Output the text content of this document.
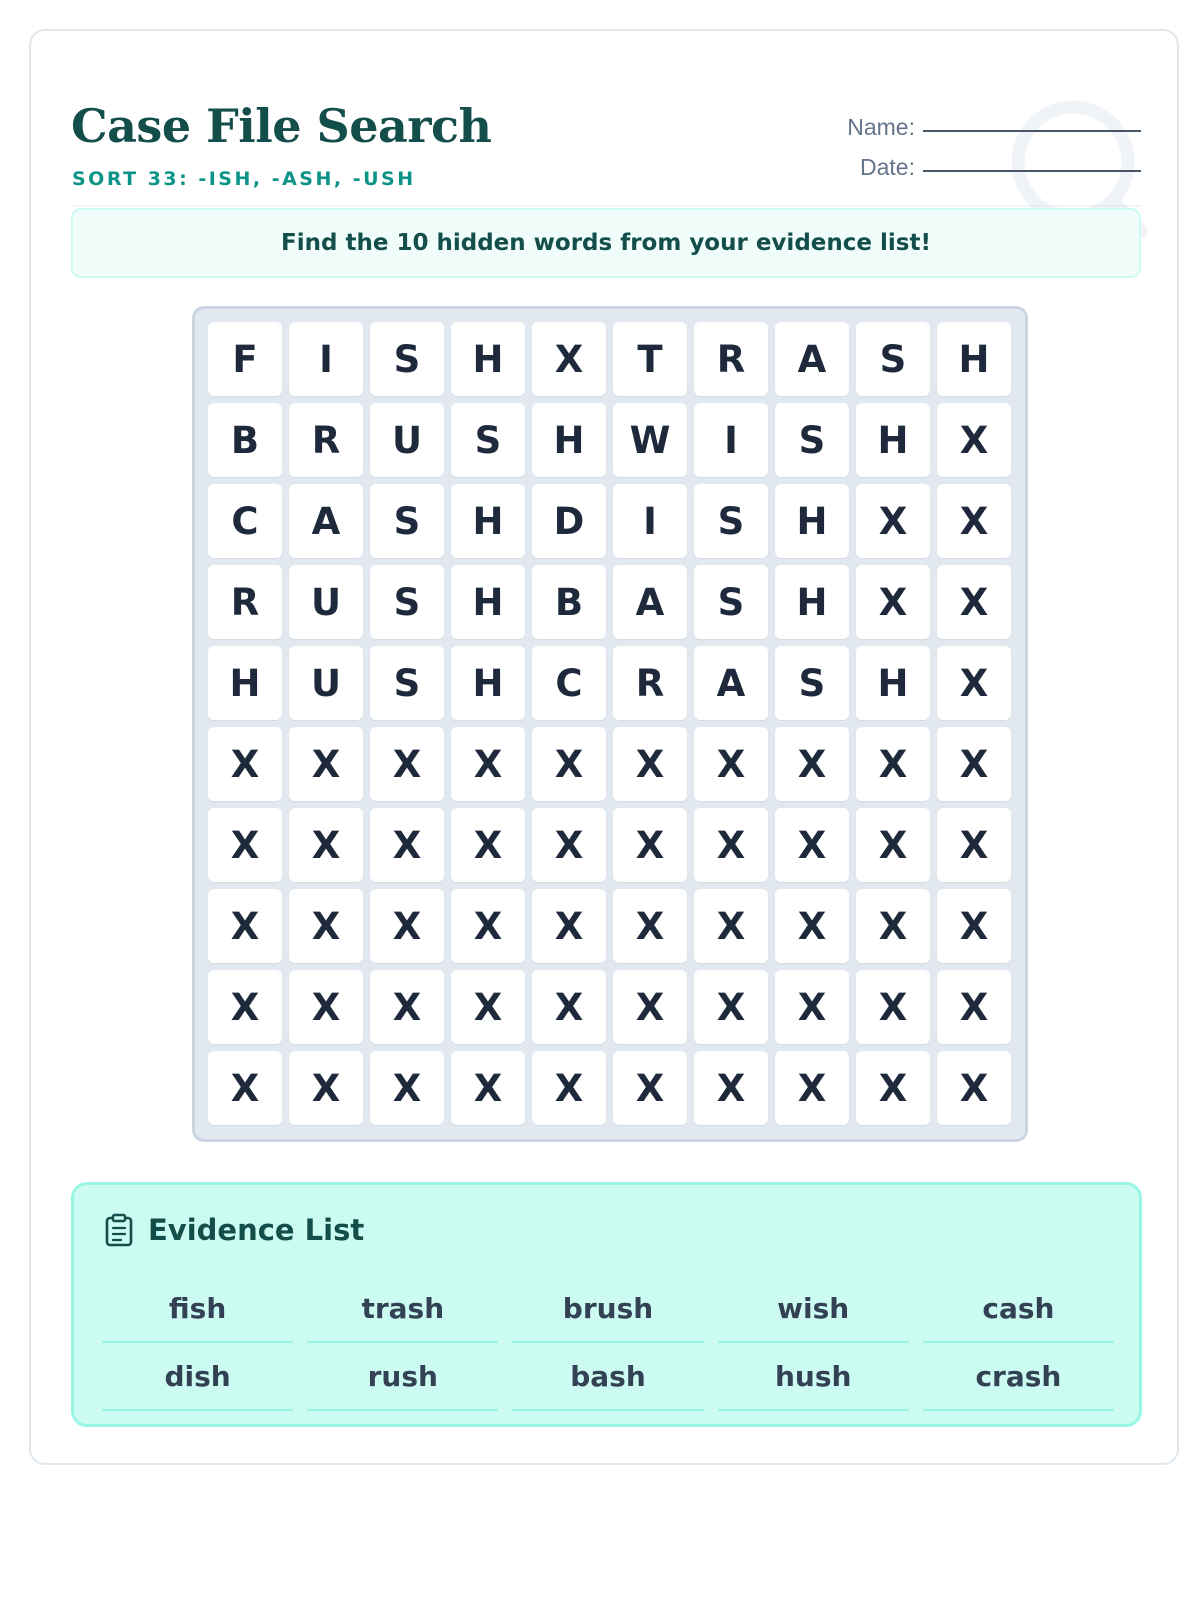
Case File Search
SORT 33: -ISH, -ASH, -USH
Name:
Date:
Find the 10 hidden words from your evidence list!
F	I	S	H	X	T	R	A	S	H
B	R	U	S	H	W	I	S	H	X
C	A	S	H	D	I	S	H	X	X
R	U	S	H	B	A	S	H	X	X
H	U	S	H	C	R	A	S	H	X
X	X	X	X	X	X	X	X	X	X
X	X	X	X	X	X	X	X	X	X
X	X	X	X	X	X	X	X	X	X
X	X	X	X	X	X	X	X	X	X
X	X	X	X	X	X	X	X	X	X
Evidence List
fish	trash	brush	wish	cash
dish	rush	bash	hush	crash
